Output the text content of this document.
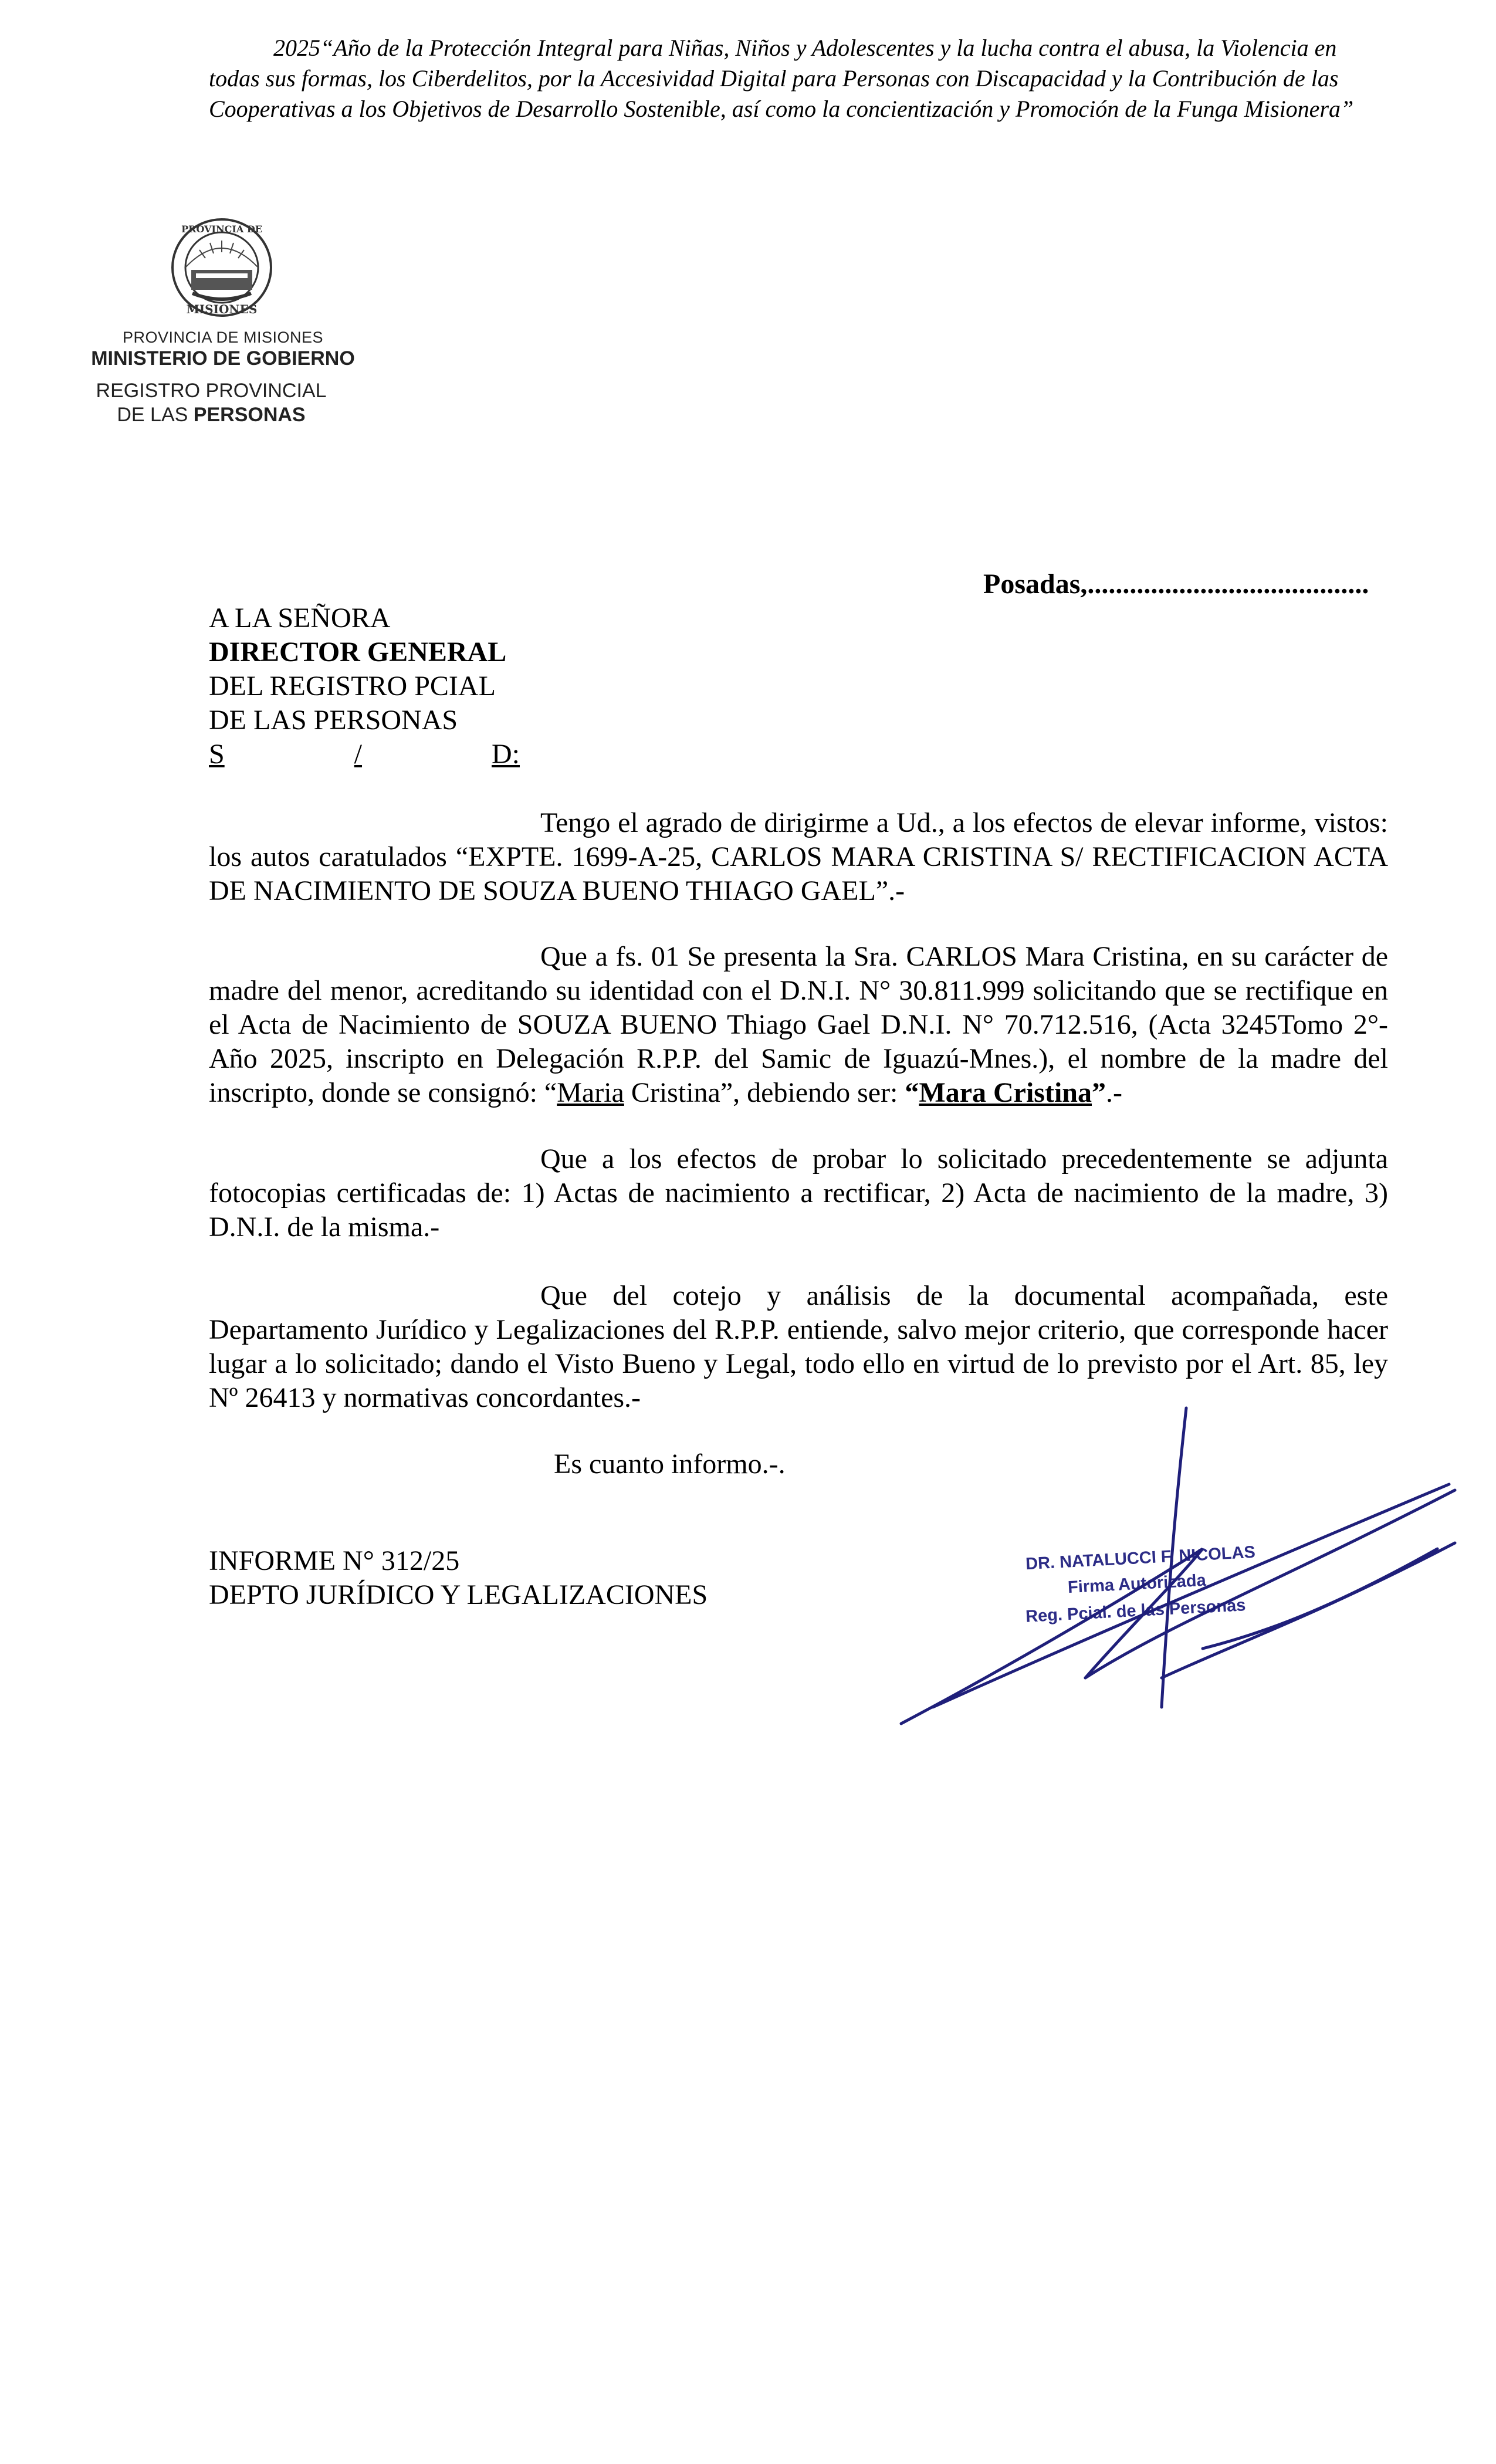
2025“Año de la Protección Integral para Niñas, Niños y Adolescentes y la lucha contra el abusa, la Violencia en todas sus formas, los Ciberdelitos, por la Accesividad Digital para Personas con Discapacidad y la Contribución de las Cooperativas a los Objetivos de Desarrollo Sostenible, así como la concientización y Promoción de la Funga Misionera”
PROVINCIA DE
MISIONES
PROVINCIA DE MISIONES
MINISTERIO DE GOBIERNO
REGISTRO PROVINCIAL
DE LAS PERSONAS
Posadas,........................................
A LA SEÑORA
DIRECTOR GENERAL
DEL REGISTRO PCIAL
DE LAS PERSONAS
S	/	D:
Tengo el agrado de dirigirme a Ud., a los efectos de elevar informe, vistos: los autos caratulados “EXPTE. 1699-A-25, CARLOS MARA CRISTINA S/ RECTIFICACION ACTA DE NACIMIENTO DE SOUZA BUENO THIAGO GAEL”.-
Que a fs. 01 Se presenta la Sra. CARLOS Mara Cristina, en su carácter de madre del menor, acreditando su identidad con el D.N.I. N° 30.811.999 solicitando que se rectifique en el Acta de Nacimiento de SOUZA BUENO Thiago Gael D.N.I. N° 70.712.516, (Acta 3245Tomo 2°-Año 2025, inscripto en Delegación R.P.P. del Samic de Iguazú-Mnes.), el nombre de la madre del inscripto, donde se consignó: “Maria Cristina”, debiendo ser: “Mara Cristina”.-
Que a los efectos de probar lo solicitado precedentemente se adjunta fotocopias certificadas de: 1) Actas de nacimiento a rectificar, 2) Acta de nacimiento de la madre, 3) D.N.I. de la misma.-
Que del cotejo y análisis de la documental acompañada, este Departamento Jurídico y Legalizaciones del R.P.P. entiende, salvo mejor criterio, que corresponde hacer lugar a lo solicitado; dando el Visto Bueno y Legal, todo ello en virtud de lo previsto por el Art. 85, ley Nº 26413 y normativas concordantes.-
Es cuanto informo.-.
INFORME N° 312/25
DEPTO JURÍDICO Y LEGALIZACIONES
DR. NATALUCCI F. NICOLAS
Firma Autorizada
Reg. Pcial. de las Personas
